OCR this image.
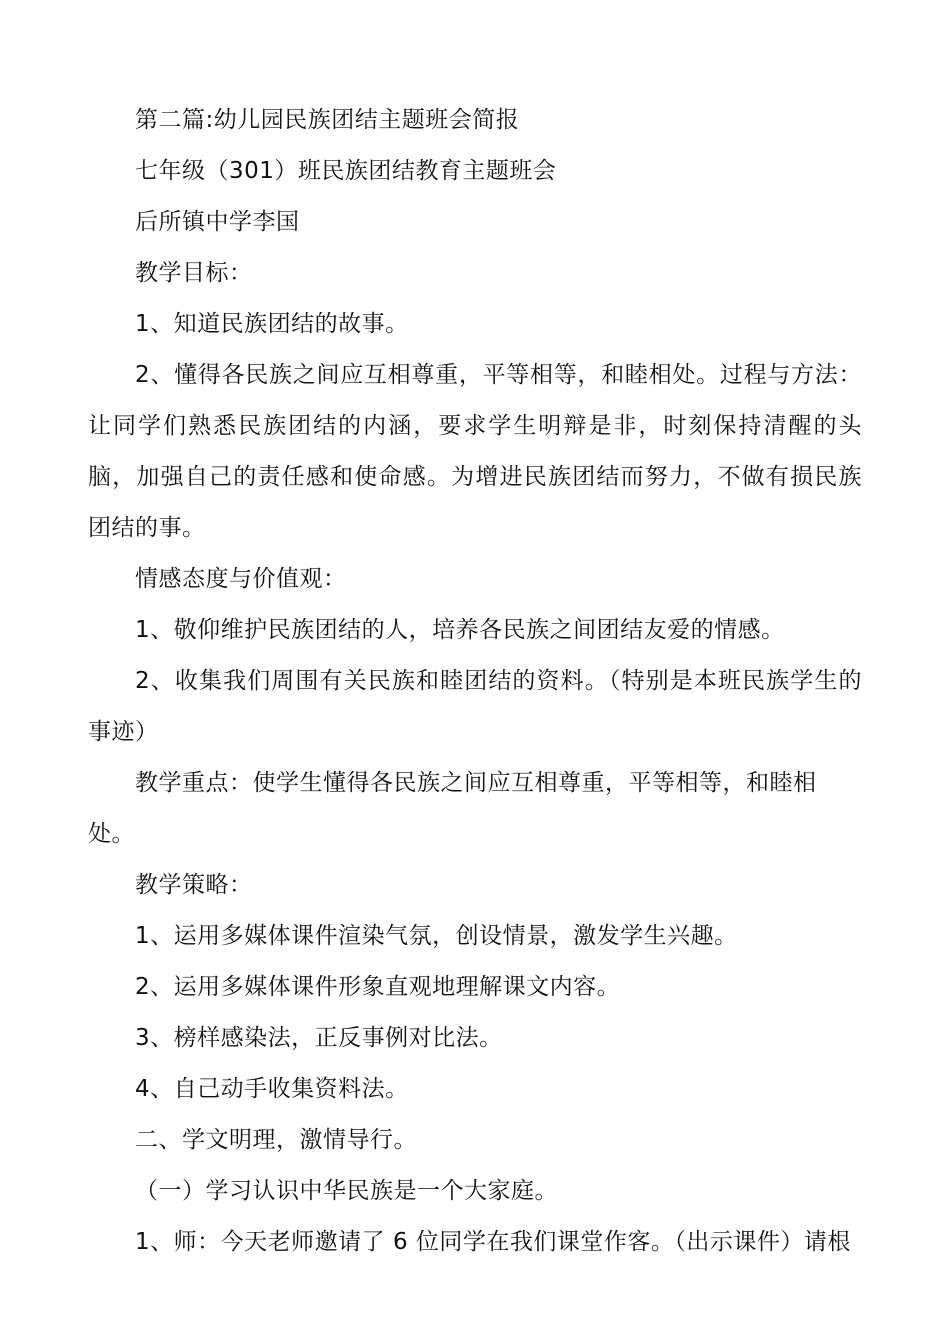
第二篇:幼儿园民族团结主题班会简报

七年级（301）班民族团结教育主题班会

后所镇中学李国

教学目标：

1、知道民族团结的故事。

2、懂得各民族之间应互相尊重，平等相等，和睦相处。过程与方法：让同学们熟悉民族团结的内涵，要求学生明辩是非，时刻保持清醒的头脑，加强自己的责任感和使命感。为增进民族团结而努力，不做有损民族团结的事。

情感态度与价值观：

1、敬仰维护民族团结的人，培养各民族之间团结友爱的情感。

2、收集我们周围有关民族和睦团结的资料。（特别是本班民族学生的事迹）

教学重点：使学生懂得各民族之间应互相尊重，平等相等，和睦相处。

教学策略：

1、运用多媒体课件渲染气氛，创设情景，激发学生兴趣。

2、运用多媒体课件形象直观地理解课文内容。

3、榜样感染法，正反事例对比法。

4、自己动手收集资料法。

二、学文明理，激情导行。

（一）学习认识中华民族是一个大家庭。

1、师：今天老师邀请了 6 位同学在我们课堂作客。（出示课件）请根
